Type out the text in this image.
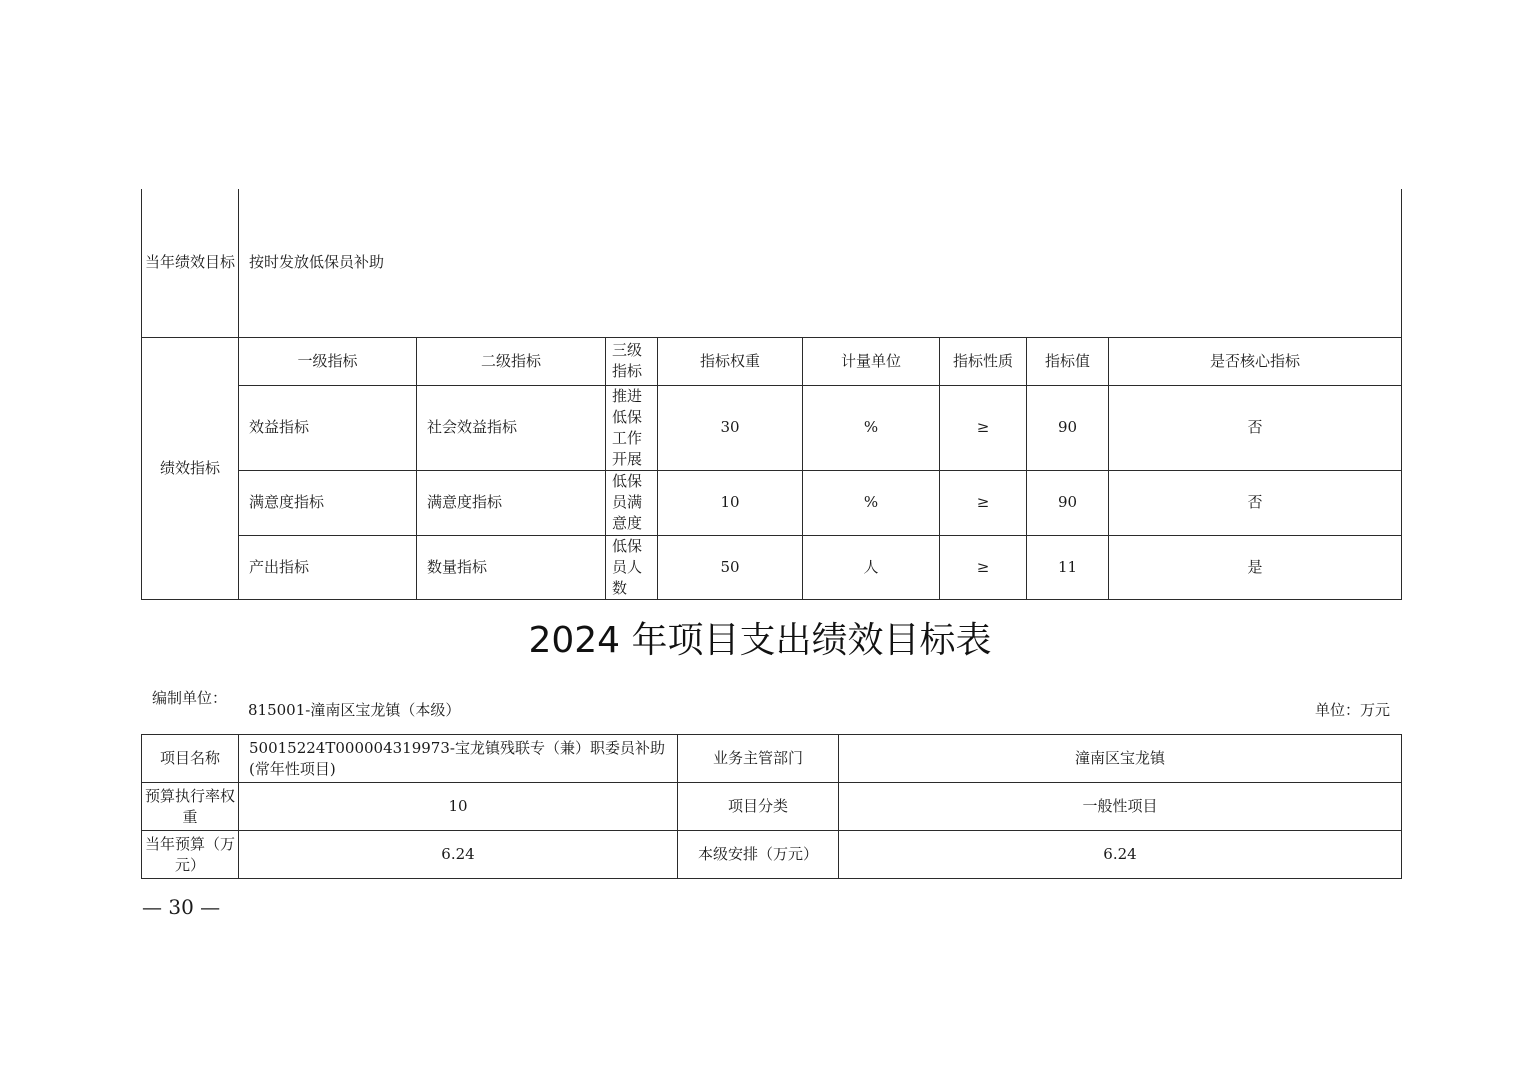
当年绩效目标	按时发放低保员补助							
绩效指标	一级指标	二级指标	三级指标	指标权重	计量单位	指标性质	指标值	是否核心指标
	效益指标	社会效益指标	推进低保工作开展	30	%	≥	90	否
	满意度指标	满意度指标	低保员满意度	10	%	≥	90	否
	产出指标	数量指标	低保员人数	50	人	≥	11	是
2024 年项目支出绩效目标表
编制单位：
815001-潼南区宝龙镇（本级）	单位：万元
项目名称	50015224T000004319973-宝龙镇残联专（兼）职委员补助(常年性项目)	业务主管部门	潼南区宝龙镇
预算执行率权重	10	项目分类	一般性项目
当年预算（万元）	6.24	本级安排（万元）	6.24
— 30 —
